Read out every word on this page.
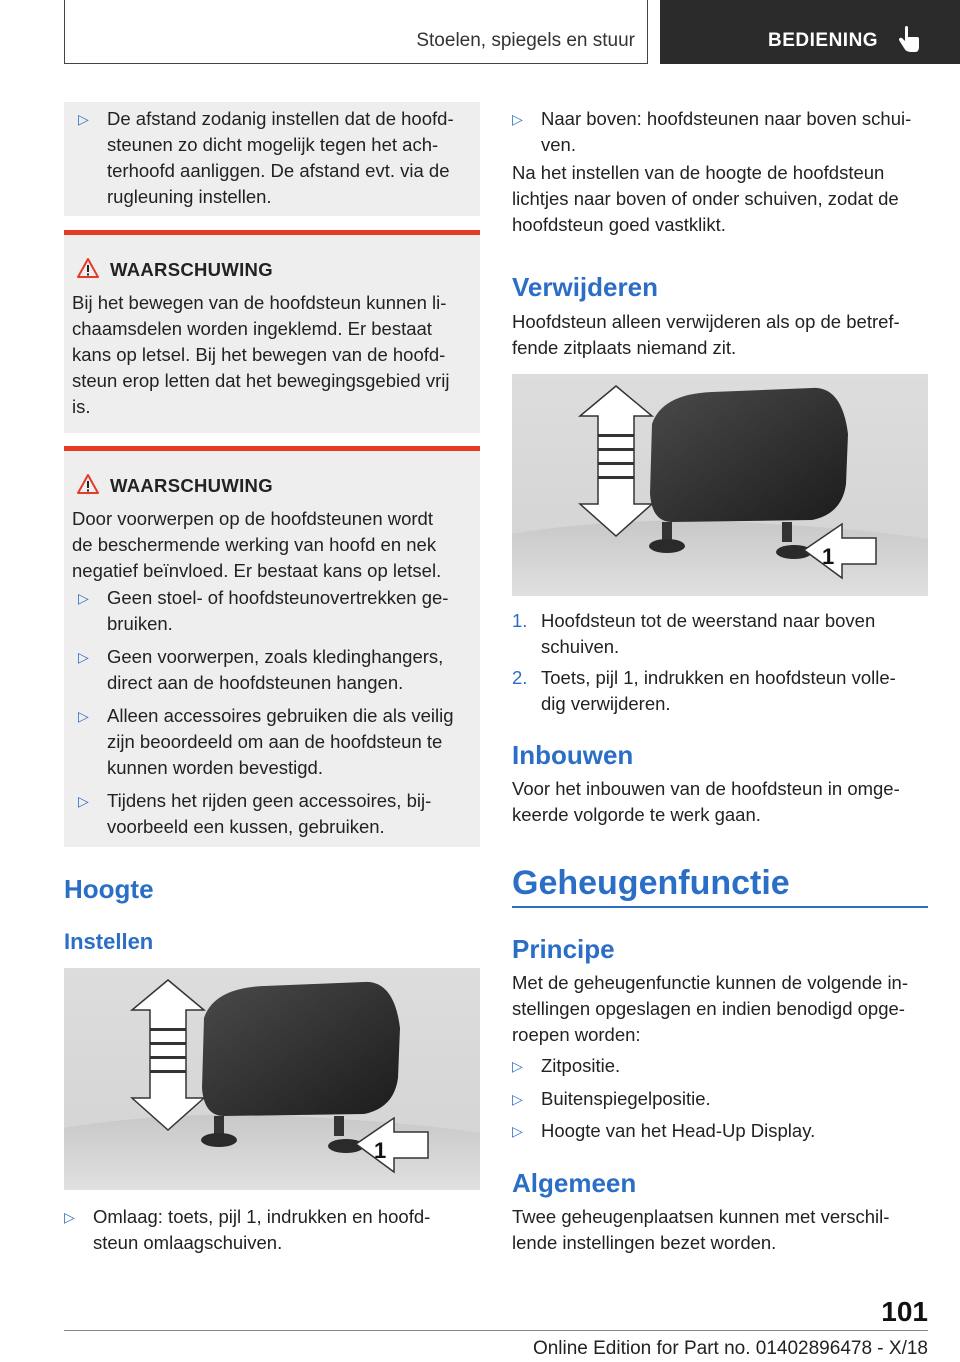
Stoelen, spiegels en stuur	BEDIENING
▷ De afstand zodanig instellen dat de hoofd-
steunen zo dicht mogelijk tegen het ach-
terhoofd aanliggen. De afstand evt. via de
rugleuning instellen.
WAARSCHUWING
Bij het bewegen van de hoofdsteun kunnen li-
chaamsdelen worden ingeklemd. Er bestaat
kans op letsel. Bij het bewegen van de hoofd-
steun erop letten dat het bewegingsgebied vrij
is.
WAARSCHUWING
Door voorwerpen op de hoofdsteunen wordt
de beschermende werking van hoofd en nek
negatief beïnvloed. Er bestaat kans op letsel.
▷ Geen stoel- of hoofdsteunovertrekken ge-
bruiken.
▷ Geen voorwerpen, zoals kledinghangers,
direct aan de hoofdsteunen hangen.
▷ Alleen accessoires gebruiken die als veilig
zijn beoordeeld om aan de hoofdsteun te
kunnen worden bevestigd.
▷ Tijdens het rijden geen accessoires, bij-
voorbeeld een kussen, gebruiken.
Hoogte
Instellen
1
▷ Omlaag: toets, pijl 1, indrukken en hoofd-
steun omlaagschuiven.
▷ Naar boven: hoofdsteunen naar boven schui-
ven.
Na het instellen van de hoogte de hoofdsteun
lichtjes naar boven of onder schuiven, zodat de
hoofdsteun goed vastklikt.
Verwijderen
Hoofdsteun alleen verwijderen als op de betref-
fende zitplaats niemand zit.
1
1. Hoofdsteun tot de weerstand naar boven
schuiven.
2. Toets, pijl 1, indrukken en hoofdsteun volle-
dig verwijderen.
Inbouwen
Voor het inbouwen van de hoofdsteun in omge-
keerde volgorde te werk gaan.
Geheugenfunctie
Principe
Met de geheugenfunctie kunnen de volgende in-
stellingen opgeslagen en indien benodigd opge-
roepen worden:
▷ Zitpositie.
▷ Buitenspiegelpositie.
▷ Hoogte van het Head-Up Display.
Algemeen
Twee geheugenplaatsen kunnen met verschil-
lende instellingen bezet worden.
101
Online Edition for Part no. 01402896478 - X/18
